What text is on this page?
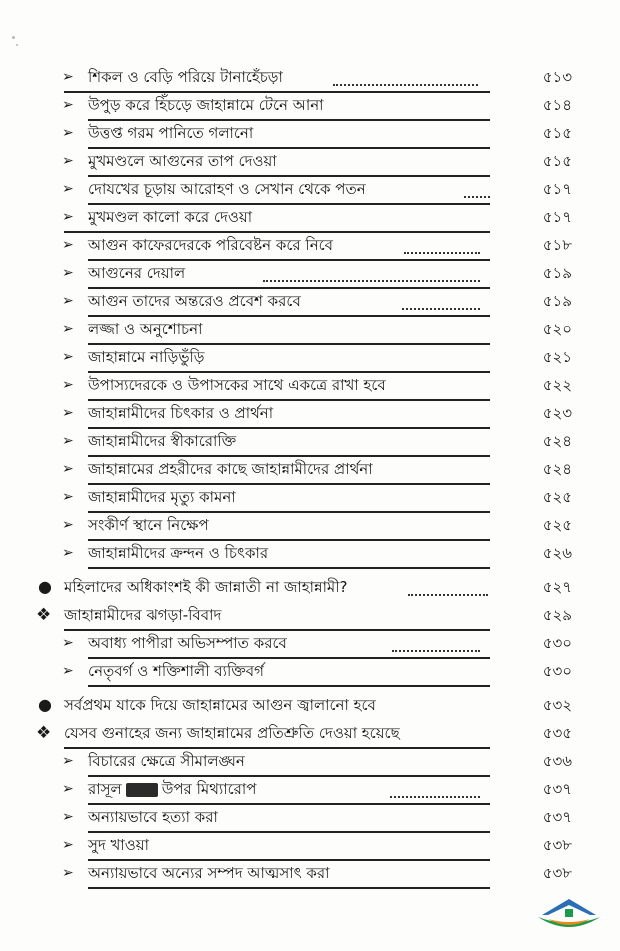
➢ শিকল ও বেড়ি পরিয়ে টানাহেঁচড়া	৫১৩
➢ উপুড় করে হিঁচড়ে জাহান্নামে টেনে আনা	৫১৪
➢ উত্তপ্ত গরম পানিতে গলানো	৫১৫
➢ মুখমণ্ডলে আগুনের তাপ দেওয়া	৫১৫
➢ দোযখের চূড়ায় আরোহণ ও সেখান থেকে পতন	৫১৭
➢ মুখমণ্ডল কালো করে দেওয়া	৫১৭
➢ আগুন কাফেরদেরকে পরিবেষ্টন করে নিবে	৫১৮
➢ আগুনের দেয়াল	৫১৯
➢ আগুন তাদের অন্তরেও প্রবেশ করবে	৫১৯
➢ লজ্জা ও অনুশোচনা	৫২০
➢ জাহান্নামে নাড়িভুঁড়ি	৫২১
➢ উপাস্যদেরকে ও উপাসকের সাথে একত্রে রাখা হবে	৫২২
➢ জাহান্নামীদের চিৎকার ও প্রার্থনা	৫২৩
➢ জাহান্নামীদের স্বীকারোক্তি	৫২৪
➢ জাহান্নামের প্রহরীদের কাছে জাহান্নামীদের প্রার্থনা	৫২৪
➢ জাহান্নামীদের মৃত্যু কামনা	৫২৫
➢ সংকীর্ণ স্থানে নিক্ষেপ	৫২৫
➢ জাহান্নামীদের ক্রন্দন ও চিৎকার	৫২৬
● মহিলাদের অধিকাংশই কী জান্নাতী না জাহান্নামী?	৫২৭
❖ জাহান্নামীদের ঝগড়া-বিবাদ	৫২৯
➢ অবাধ্য পাপীরা অভিসম্পাত করবে	৫৩০
➢ নেতৃবর্গ ও শক্তিশালী ব্যক্তিবর্গ	৫৩০
● সর্বপ্রথম যাকে দিয়ে জাহান্নামের আগুন জ্বালানো হবে	৫৩২
❖ যেসব গুনাহের জন্য জাহান্নামের প্রতিশ্রুতি দেওয়া হয়েছে	৫৩৫
➢ বিচারের ক্ষেত্রে সীমালঙ্ঘন	৫৩৬
➢ রাসূল	উপর মিথ্যারোপ	৫৩৭
➢ অন্যায়ভাবে হত্যা করা	৫৩৭
➢ সুদ খাওয়া	৫৩৮
➢ অন্যায়ভাবে অন্যের সম্পদ আত্মসাৎ করা	৫৩৮
